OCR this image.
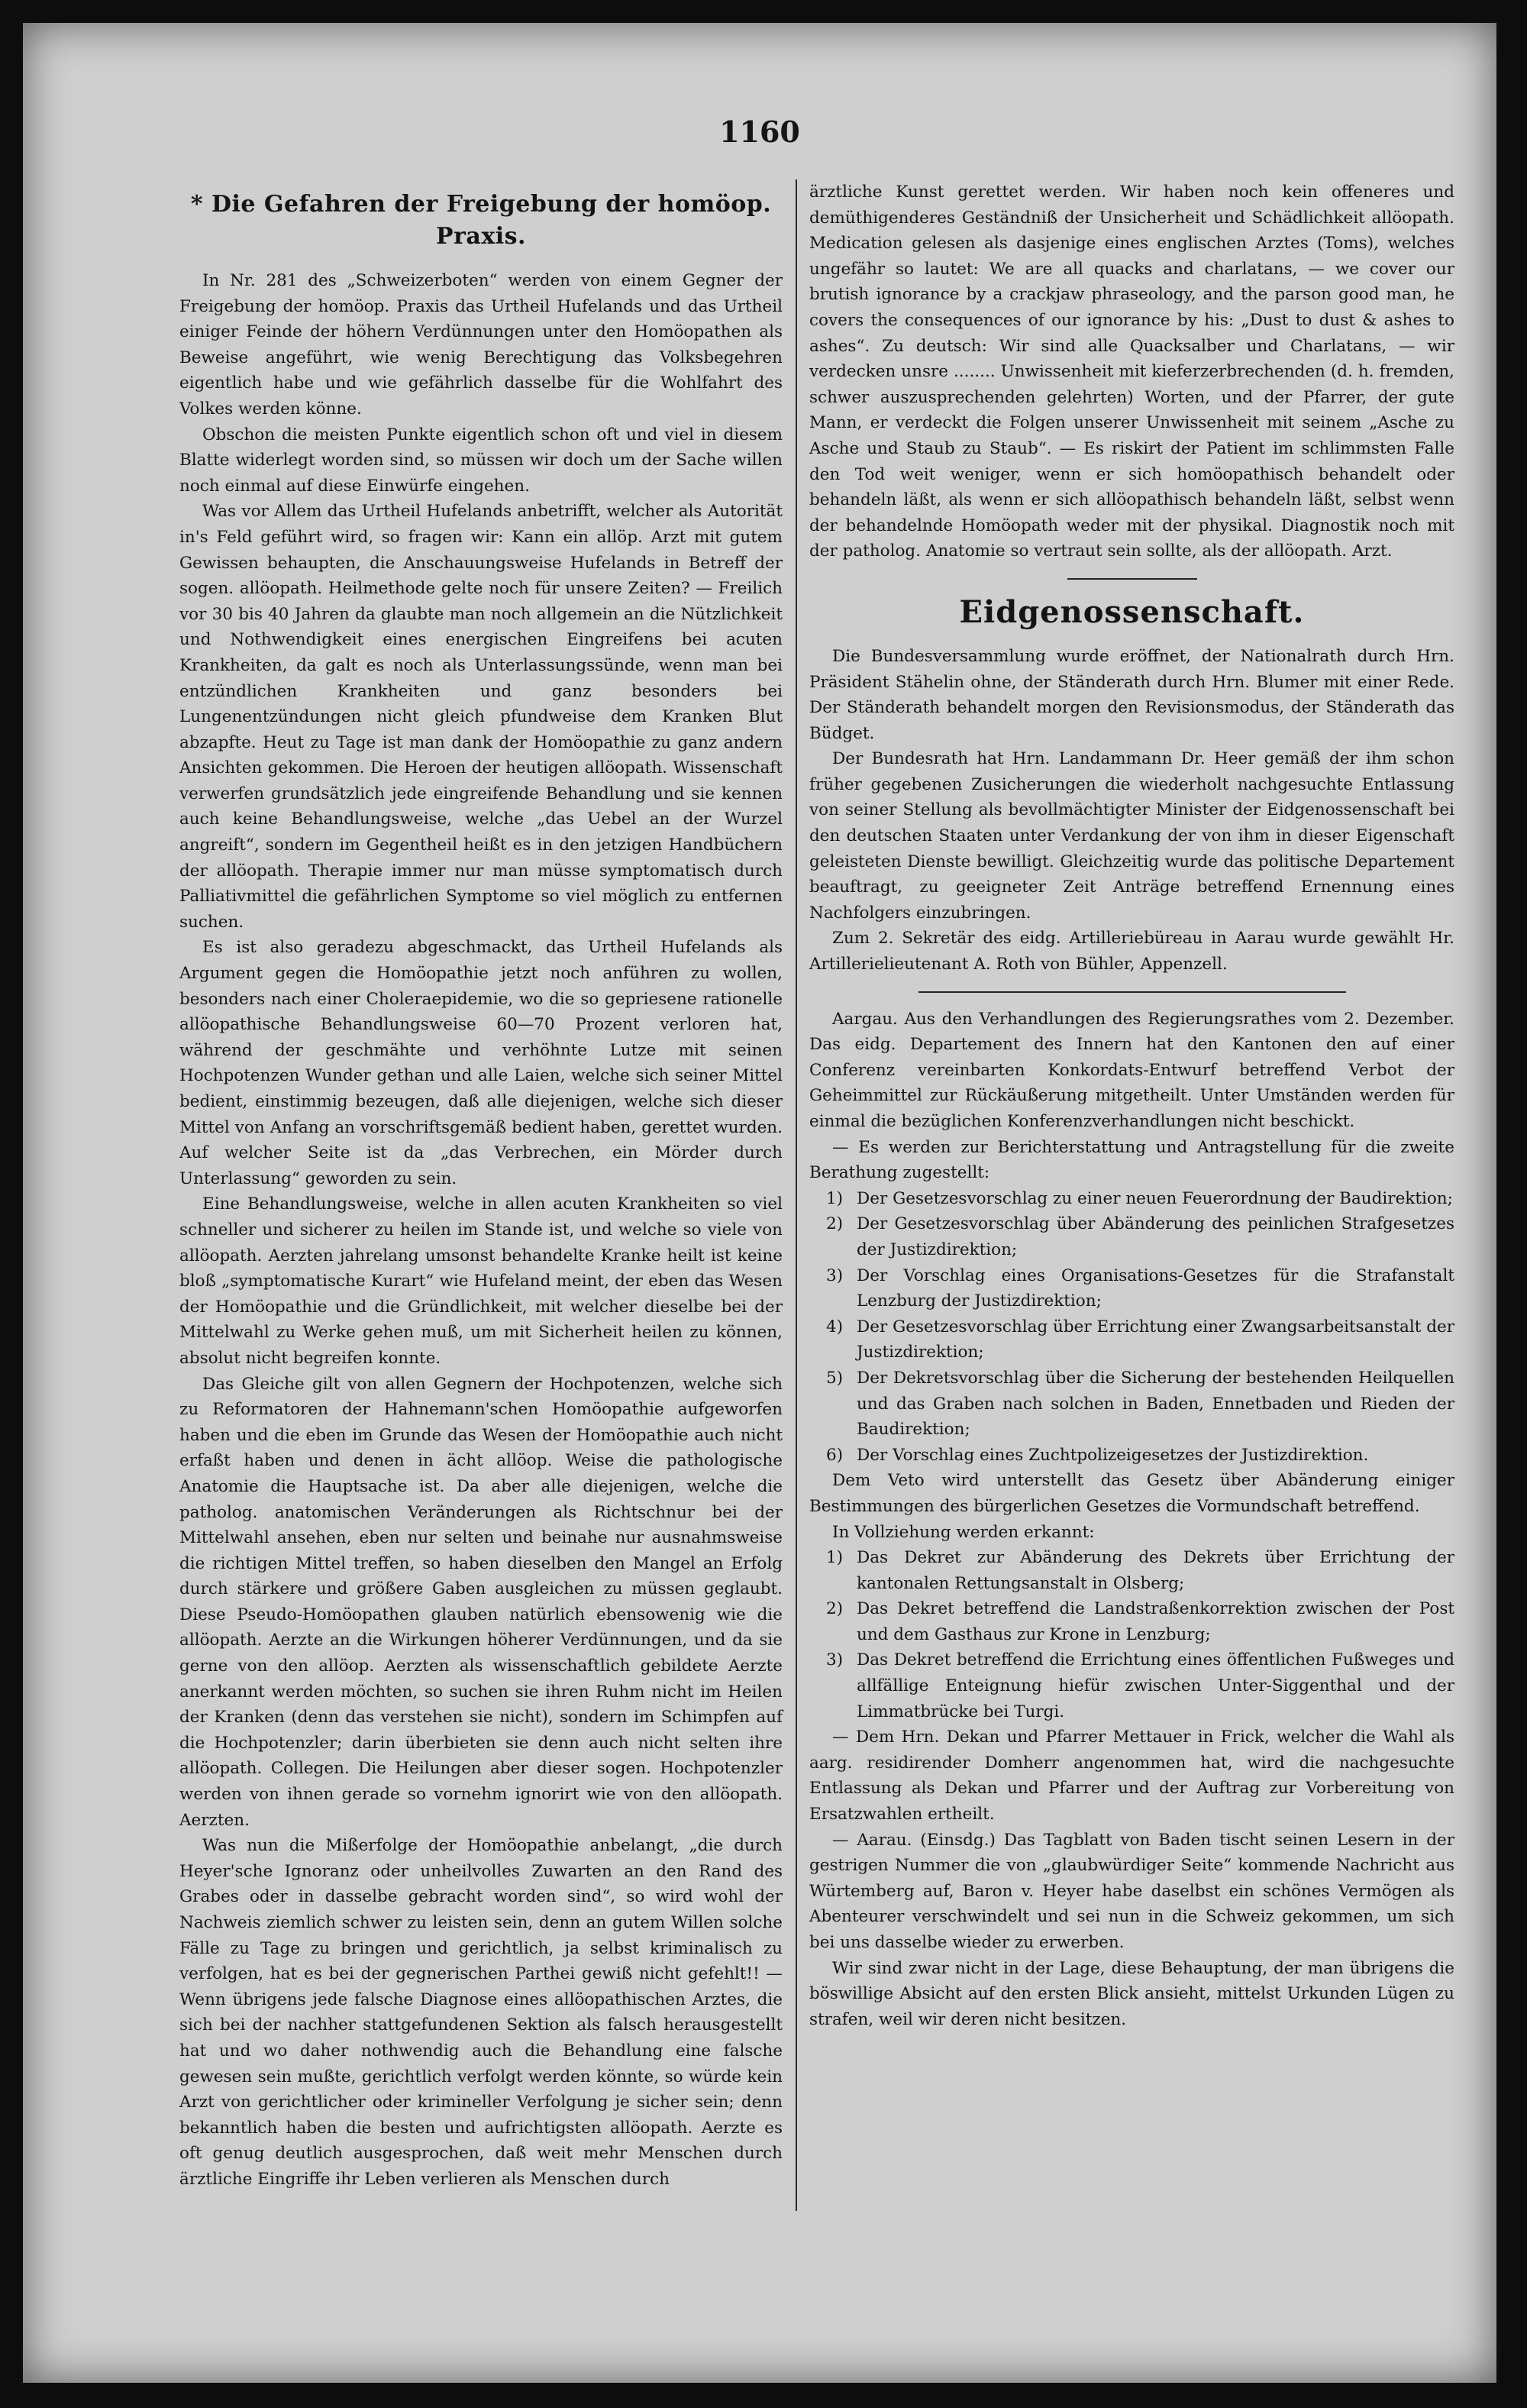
1160
* Die Gefahren der Freigebung der homöop. Praxis.

In Nr. 281 des „Schweizerboten“ werden von einem Gegner der Freigebung der homöop. Praxis das Urtheil Hufelands und das Urtheil einiger Feinde der höhern Verdünnungen unter den Homöopathen als Beweise angeführt, wie wenig Berechtigung das Volksbegehren eigentlich habe und wie gefährlich dasselbe für die Wohlfahrt des Volkes werden könne.

Obschon die meisten Punkte eigentlich schon oft und viel in diesem Blatte widerlegt worden sind, so müssen wir doch um der Sache willen noch einmal auf diese Einwürfe eingehen.

Was vor Allem das Urtheil Hufelands anbetrifft, welcher als Autorität in's Feld geführt wird, so fragen wir: Kann ein allöp. Arzt mit gutem Gewissen behaupten, die Anschauungsweise Hufelands in Betreff der sogen. allöopath. Heilmethode gelte noch für unsere Zeiten? — Freilich vor 30 bis 40 Jahren da glaubte man noch allgemein an die Nützlichkeit und Nothwendigkeit eines energischen Eingreifens bei acuten Krankheiten, da galt es noch als Unterlassungssünde, wenn man bei entzündlichen Krankheiten und ganz besonders bei Lungenentzündungen nicht gleich pfundweise dem Kranken Blut abzapfte. Heut zu Tage ist man dank der Homöopathie zu ganz andern Ansichten gekommen. Die Heroen der heutigen allöopath. Wissenschaft verwerfen grundsätzlich jede eingreifende Behandlung und sie kennen auch keine Behandlungsweise, welche „das Uebel an der Wurzel angreift“, sondern im Gegentheil heißt es in den jetzigen Handbüchern der allöopath. Therapie immer nur man müsse symptomatisch durch Palliativmittel die gefährlichen Symptome so viel möglich zu entfernen suchen.

Es ist also geradezu abgeschmackt, das Urtheil Hufelands als Argument gegen die Homöopathie jetzt noch anführen zu wollen, besonders nach einer Choleraepidemie, wo die so gepriesene rationelle allöopathische Behandlungsweise 60—70 Prozent verloren hat, während der geschmähte und verhöhnte Lutze mit seinen Hochpotenzen Wunder gethan und alle Laien, welche sich seiner Mittel bedient, einstimmig bezeugen, daß alle diejenigen, welche sich dieser Mittel von Anfang an vorschriftsgemäß bedient haben, gerettet wurden. Auf welcher Seite ist da „das Verbrechen, ein Mörder durch Unterlassung“ geworden zu sein.

Eine Behandlungsweise, welche in allen acuten Krankheiten so viel schneller und sicherer zu heilen im Stande ist, und welche so viele von allöopath. Aerzten jahrelang umsonst behandelte Kranke heilt ist keine bloß „symptomatische Kurart“ wie Hufeland meint, der eben das Wesen der Homöopathie und die Gründlichkeit, mit welcher dieselbe bei der Mittelwahl zu Werke gehen muß, um mit Sicherheit heilen zu können, absolut nicht begreifen konnte.

Das Gleiche gilt von allen Gegnern der Hochpotenzen, welche sich zu Reformatoren der Hahnemann'schen Homöopathie aufgeworfen haben und die eben im Grunde das Wesen der Homöopathie auch nicht erfaßt haben und denen in ächt allöop. Weise die pathologische Anatomie die Hauptsache ist. Da aber alle diejenigen, welche die patholog. anatomischen Veränderungen als Richtschnur bei der Mittelwahl ansehen, eben nur selten und beinahe nur ausnahmsweise die richtigen Mittel treffen, so haben dieselben den Mangel an Erfolg durch stärkere und größere Gaben ausgleichen zu müssen geglaubt. Diese Pseudo-Homöopathen glauben natürlich ebensowenig wie die allöopath. Aerzte an die Wirkungen höherer Verdünnungen, und da sie gerne von den allöop. Aerzten als wissenschaftlich gebildete Aerzte anerkannt werden möchten, so suchen sie ihren Ruhm nicht im Heilen der Kranken (denn das verstehen sie nicht), sondern im Schimpfen auf die Hochpotenzler; darin überbieten sie denn auch nicht selten ihre allöopath. Collegen. Die Heilungen aber dieser sogen. Hochpotenzler werden von ihnen gerade so vornehm ignorirt wie von den allöopath. Aerzten.

Was nun die Mißerfolge der Homöopathie anbelangt, „die durch Heyer'sche Ignoranz oder unheilvolles Zuwarten an den Rand des Grabes oder in dasselbe gebracht worden sind“, so wird wohl der Nachweis ziemlich schwer zu leisten sein, denn an gutem Willen solche Fälle zu Tage zu bringen und gerichtlich, ja selbst kriminalisch zu verfolgen, hat es bei der gegnerischen Parthei gewiß nicht gefehlt!! — Wenn übrigens jede falsche Diagnose eines allöopathischen Arztes, die sich bei der nachher stattgefundenen Sektion als falsch herausgestellt hat und wo daher nothwendig auch die Behandlung eine falsche gewesen sein mußte, gerichtlich verfolgt werden könnte, so würde kein Arzt von gerichtlicher oder krimineller Verfolgung je sicher sein; denn bekanntlich haben die besten und aufrichtigsten allöopath. Aerzte es oft genug deutlich ausgesprochen, daß weit mehr Menschen durch ärztliche Eingriffe ihr Leben verlieren als Menschen durch

ärztliche Kunst gerettet werden. Wir haben noch kein offeneres und demüthigenderes Geständniß der Unsicherheit und Schädlichkeit allöopath. Medication gelesen als dasjenige eines englischen Arztes (Toms), welches ungefähr so lautet: We are all quacks and charlatans, — we cover our brutish ignorance by a crackjaw phraseology, and the parson good man, he covers the consequences of our ignorance by his: „Dust to dust & ashes to ashes“. Zu deutsch: Wir sind alle Quacksalber und Charlatans, — wir verdecken unsre ........ Unwissenheit mit kieferzerbrechenden (d. h. fremden, schwer auszusprechenden gelehrten) Worten, und der Pfarrer, der gute Mann, er verdeckt die Folgen unserer Unwissenheit mit seinem „Asche zu Asche und Staub zu Staub“. — Es riskirt der Patient im schlimmsten Falle den Tod weit weniger, wenn er sich homöopathisch behandelt oder behandeln läßt, als wenn er sich allöopathisch behandeln läßt, selbst wenn der behandelnde Homöopath weder mit der physikal. Diagnostik noch mit der patholog. Anatomie so vertraut sein sollte, als der allöopath. Arzt.

Eidgenossenschaft.

Die Bundesversammlung wurde eröffnet, der Nationalrath durch Hrn. Präsident Stähelin ohne, der Ständerath durch Hrn. Blumer mit einer Rede. Der Ständerath behandelt morgen den Revisionsmodus, der Ständerath das Büdget.

Der Bundesrath hat Hrn. Landammann Dr. Heer gemäß der ihm schon früher gegebenen Zusicherungen die wiederholt nachgesuchte Entlassung von seiner Stellung als bevollmächtigter Minister der Eidgenossenschaft bei den deutschen Staaten unter Verdankung der von ihm in dieser Eigenschaft geleisteten Dienste bewilligt. Gleichzeitig wurde das politische Departement beauftragt, zu geeigneter Zeit Anträge betreffend Ernennung eines Nachfolgers einzubringen.

Zum 2. Sekretär des eidg. Artilleriebüreau in Aarau wurde gewählt Hr. Artillerielieutenant A. Roth von Bühler, Appenzell.

Aargau. Aus den Verhandlungen des Regierungsrathes vom 2. Dezember. Das eidg. Departement des Innern hat den Kantonen den auf einer Conferenz vereinbarten Konkordats-Entwurf betreffend Verbot der Geheimmittel zur Rückäußerung mitgetheilt. Unter Umständen werden für einmal die bezüglichen Konferenzverhandlungen nicht beschickt.

— Es werden zur Berichterstattung und Antragstellung für die zweite Berathung zugestellt:

1) Der Gesetzesvorschlag zu einer neuen Feuerordnung der Baudirektion;
2) Der Gesetzesvorschlag über Abänderung des peinlichen Strafgesetzes der Justizdirektion;
3) Der Vorschlag eines Organisations-Gesetzes für die Strafanstalt Lenzburg der Justizdirektion;
4) Der Gesetzesvorschlag über Errichtung einer Zwangsarbeitsanstalt der Justizdirektion;
5) Der Dekretsvorschlag über die Sicherung der bestehenden Heilquellen und das Graben nach solchen in Baden, Ennetbaden und Rieden der Baudirektion;
6) Der Vorschlag eines Zuchtpolizeigesetzes der Justizdirektion.

Dem Veto wird unterstellt das Gesetz über Abänderung einiger Bestimmungen des bürgerlichen Gesetzes die Vormundschaft betreffend.

In Vollziehung werden erkannt:

1) Das Dekret zur Abänderung des Dekrets über Errichtung der kantonalen Rettungsanstalt in Olsberg;
2) Das Dekret betreffend die Landstraßenkorrektion zwischen der Post und dem Gasthaus zur Krone in Lenzburg;
3) Das Dekret betreffend die Errichtung eines öffentlichen Fußweges und allfällige Enteignung hiefür zwischen Unter-Siggenthal und der Limmatbrücke bei Turgi.

— Dem Hrn. Dekan und Pfarrer Mettauer in Frick, welcher die Wahl als aarg. residirender Domherr angenommen hat, wird die nachgesuchte Entlassung als Dekan und Pfarrer und der Auftrag zur Vorbereitung von Ersatzwahlen ertheilt.

— Aarau. (Einsdg.) Das Tagblatt von Baden tischt seinen Lesern in der gestrigen Nummer die von „glaubwürdiger Seite“ kommende Nachricht aus Würtemberg auf, Baron v. Heyer habe daselbst ein schönes Vermögen als Abenteurer verschwindelt und sei nun in die Schweiz gekommen, um sich bei uns dasselbe wieder zu erwerben.

Wir sind zwar nicht in der Lage, diese Behauptung, der man übrigens die böswillige Absicht auf den ersten Blick ansieht, mittelst Urkunden Lügen zu strafen, weil wir deren nicht besitzen.
